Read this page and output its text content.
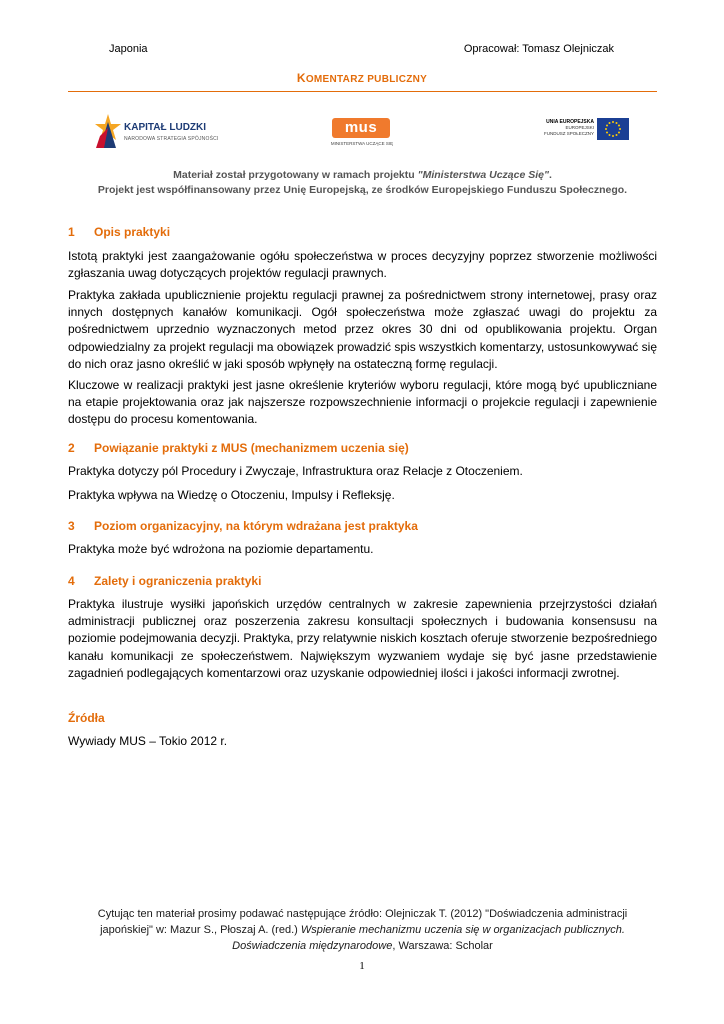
Japonia	Opracował: Tomasz Olejniczak
KOMENTARZ PUBLICZNY
KAPITAŁ LUDZKI
NARODOWA STRATEGIA SPÓJNOŚCI
mus
MINISTERSTWA UCZĄCE SIĘ
UNIA EUROPEJSKA
EUROPEJSKI
FUNDUSZ SPOŁECZNY
Materiał został przygotowany w ramach projektu "Ministerstwa Uczące Się".
Projekt jest współfinansowany przez Unię Europejską, ze środków Europejskiego Funduszu Społecznego.
1 Opis praktyki

Istotą praktyki jest zaangażowanie ogółu społeczeństwa w proces decyzyjny poprzez stworzenie możliwości zgłaszania uwag dotyczących projektów regulacji prawnych.

Praktyka zakłada upublicznienie projektu regulacji prawnej za pośrednictwem strony internetowej, prasy oraz innych dostępnych kanałów komunikacji. Ogół społeczeństwa może zgłaszać uwagi do projektu za pośrednictwem uprzednio wyznaczonych metod przez okres 30 dni od opublikowania projektu. Organ odpowiedzialny za projekt regulacji ma obowiązek prowadzić spis wszystkich komentarzy, ustosunkowywać się do nich oraz jasno określić w jaki sposób wpłynęły na ostateczną formę regulacji.

Kluczowe w realizacji praktyki jest jasne określenie kryteriów wyboru regulacji, które mogą być upubliczniane na etapie projektowania oraz jak najszersze rozpowszechnienie informacji o projekcie regulacji i zapewnienie dostępu do procesu komentowania.

2 Powiązanie praktyki z MUS (mechanizmem uczenia się)

Praktyka dotyczy pól Procedury i Zwyczaje, Infrastruktura oraz Relacje z Otoczeniem.

Praktyka wpływa na Wiedzę o Otoczeniu, Impulsy i Refleksję.

3 Poziom organizacyjny, na którym wdrażana jest praktyka

Praktyka może być wdrożona na poziomie departamentu.

4 Zalety i ograniczenia praktyki

Praktyka ilustruje wysiłki japońskich urzędów centralnych w zakresie zapewnienia przejrzystości działań administracji publicznej oraz poszerzenia zakresu konsultacji społecznych i budowania konsensusu na poziomie podejmowania decyzji. Praktyka, przy relatywnie niskich kosztach oferuje stworzenie bezpośredniego kanału komunikacji ze społeczeństwem. Największym wyzwaniem wydaje się być jasne przedstawienie zagadnień podlegających komentarzowi oraz uzyskanie odpowiedniej ilości i jakości informacji zwrotnej.

Źródła

Wywiady MUS – Tokio 2012 r.

Cytując ten materiał prosimy podawać następujące źródło: Olejniczak T. (2012) "Doświadczenia administracji
japońskiej" w: Mazur S., Płoszaj A. (red.) Wspieranie mechanizmu uczenia się w organizacjach publicznych.
Doświadczenia międzynarodowe, Warszawa: Scholar
1
